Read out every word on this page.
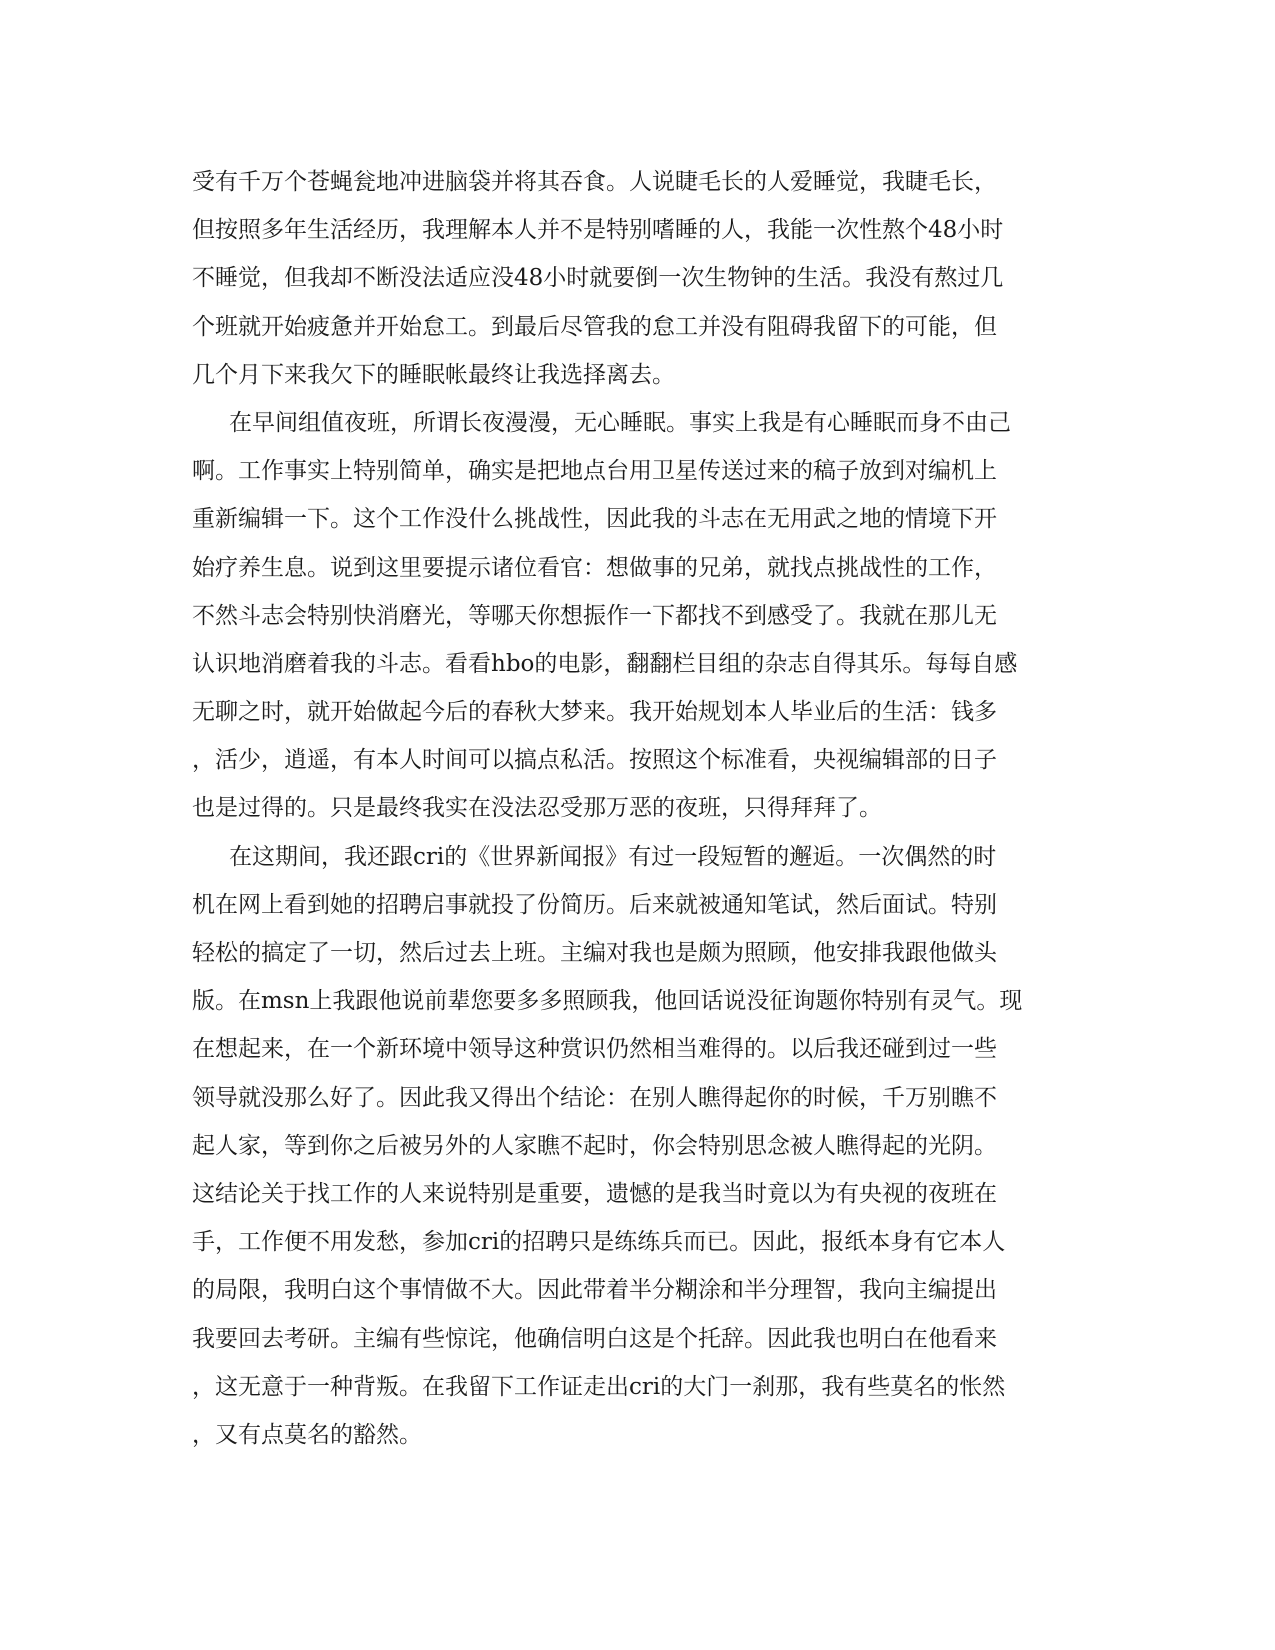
受有千万个苍蝇瓮地冲进脑袋并将其吞食。人说睫毛长的人爱睡觉，我睫毛长，
但按照多年生活经历，我理解本人并不是特别嗜睡的人，我能一次性熬个48小时
不睡觉，但我却不断没法适应没48小时就要倒一次生物钟的生活。我没有熬过几
个班就开始疲惫并开始怠工。到最后尽管我的怠工并没有阻碍我留下的可能，但
几个月下来我欠下的睡眠帐最终让我选择离去。
在早间组值夜班，所谓长夜漫漫，无心睡眠。事实上我是有心睡眠而身不由己
啊。工作事实上特别简单，确实是把地点台用卫星传送过来的稿子放到对编机上
重新编辑一下。这个工作没什么挑战性，因此我的斗志在无用武之地的情境下开
始疗养生息。说到这里要提示诸位看官：想做事的兄弟，就找点挑战性的工作，
不然斗志会特别快消磨光，等哪天你想振作一下都找不到感受了。我就在那儿无
认识地消磨着我的斗志。看看hbo的电影，翻翻栏目组的杂志自得其乐。每每自感
无聊之时，就开始做起今后的春秋大梦来。我开始规划本人毕业后的生活：钱多
，活少，逍遥，有本人时间可以搞点私活。按照这个标准看，央视编辑部的日子
也是过得的。只是最终我实在没法忍受那万恶的夜班，只得拜拜了。
在这期间，我还跟cri的《世界新闻报》有过一段短暂的邂逅。一次偶然的时
机在网上看到她的招聘启事就投了份简历。后来就被通知笔试，然后面试。特别
轻松的搞定了一切，然后过去上班。主编对我也是颇为照顾，他安排我跟他做头
版。在msn上我跟他说前辈您要多多照顾我，他回话说没征询题你特别有灵气。现
在想起来，在一个新环境中领导这种赏识仍然相当难得的。以后我还碰到过一些
领导就没那么好了。因此我又得出个结论：在别人瞧得起你的时候，千万别瞧不
起人家，等到你之后被另外的人家瞧不起时，你会特别思念被人瞧得起的光阴。
这结论关于找工作的人来说特别是重要，遗憾的是我当时竟以为有央视的夜班在
手，工作便不用发愁，参加cri的招聘只是练练兵而已。因此，报纸本身有它本人
的局限，我明白这个事情做不大。因此带着半分糊涂和半分理智，我向主编提出
我要回去考研。主编有些惊诧，他确信明白这是个托辞。因此我也明白在他看来
，这无意于一种背叛。在我留下工作证走出cri的大门一刹那，我有些莫名的怅然
，又有点莫名的豁然。
